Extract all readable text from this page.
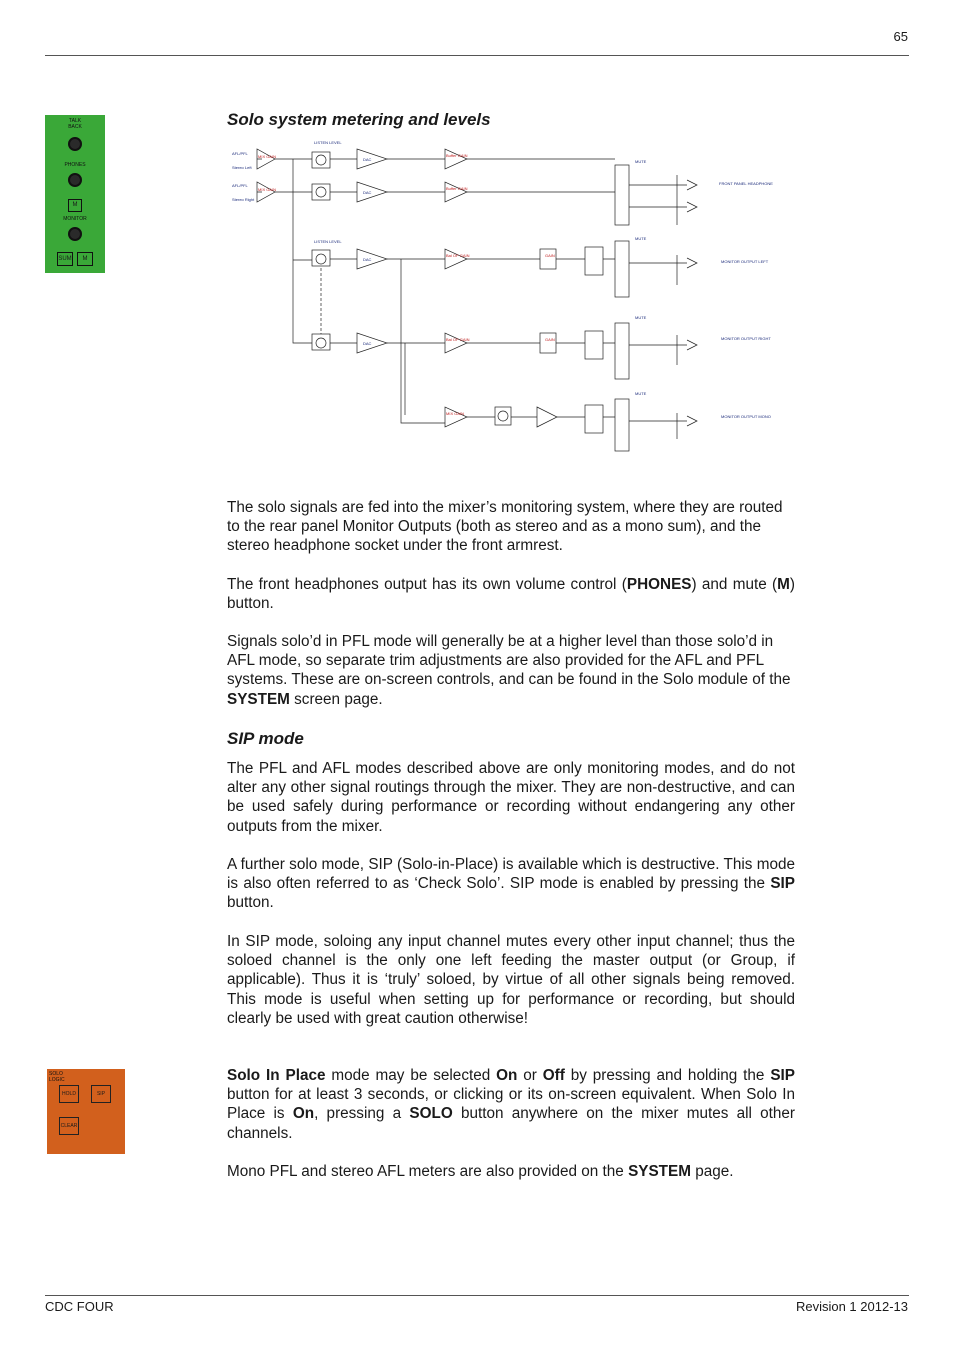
65
TALK BACK
PHONES
M
MONITOR
SUM	M
Solo system metering and levels
AFL/PFL
Stereo Left
AFL/PFL
Stereo Right
LISTEN LEVEL
LISTEN LEVEL
DAC
DAC
DAC
DAC
Buffer GAIN
Buffer GAIN
Bal OP GAIN
Bal OP GAIN
MIX GAIN
MIX GAIN
MIX GAIN
GAIN
GAIN
MUTE
MUTE
MUTE
MUTE
FRONT PANEL HEADPHONE
MONITOR OUTPUT LEFT
MONITOR OUTPUT RIGHT
MONITOR OUTPUT MONO

The solo signals are fed into the mixer’s monitoring system, where they are routed to the rear panel Monitor Outputs (both as stereo and as a mono sum), and the stereo headphone socket under the front armrest.

The front headphones output has its own volume control (PHONES) and mute (M) button.

Signals solo’d in PFL mode will generally be at a higher level than those solo’d in AFL mode, so separate trim adjustments are also provided for the AFL and PFL systems. These are on-screen controls, and can be found in the Solo module of the SYSTEM screen page.

SIP mode

The PFL and AFL modes described above are only monitoring modes, and do not alter any other signal routings through the mixer. They are non-destructive, and can be used safely during performance or recording without endangering any other outputs from the mixer.

A further solo mode, SIP (Solo-in-Place) is available which is destructive. This mode is also often referred to as ‘Check Solo’. SIP mode is enabled by pressing the SIP button.

In SIP mode, soloing any input channel mutes every other input channel; thus the soloed channel is the only one left feeding the master output (or Group, if applicable). Thus it is ‘truly’ soloed, by virtue of all other signals being removed. This mode is useful when setting up for performance or recording, but should clearly be used with great caution otherwise!

SOLO LOGIC
HOLD	SIP
CLEAR

Solo In Place mode may be selected On or Off by pressing and holding the SIP button for at least 3 seconds, or clicking or its on-screen equivalent. When Solo In Place is On, pressing a SOLO button anywhere on the mixer mutes all other channels.

Mono PFL and stereo AFL meters are also provided on the SYSTEM page.

CDC FOUR	Revision 1 2012-13
